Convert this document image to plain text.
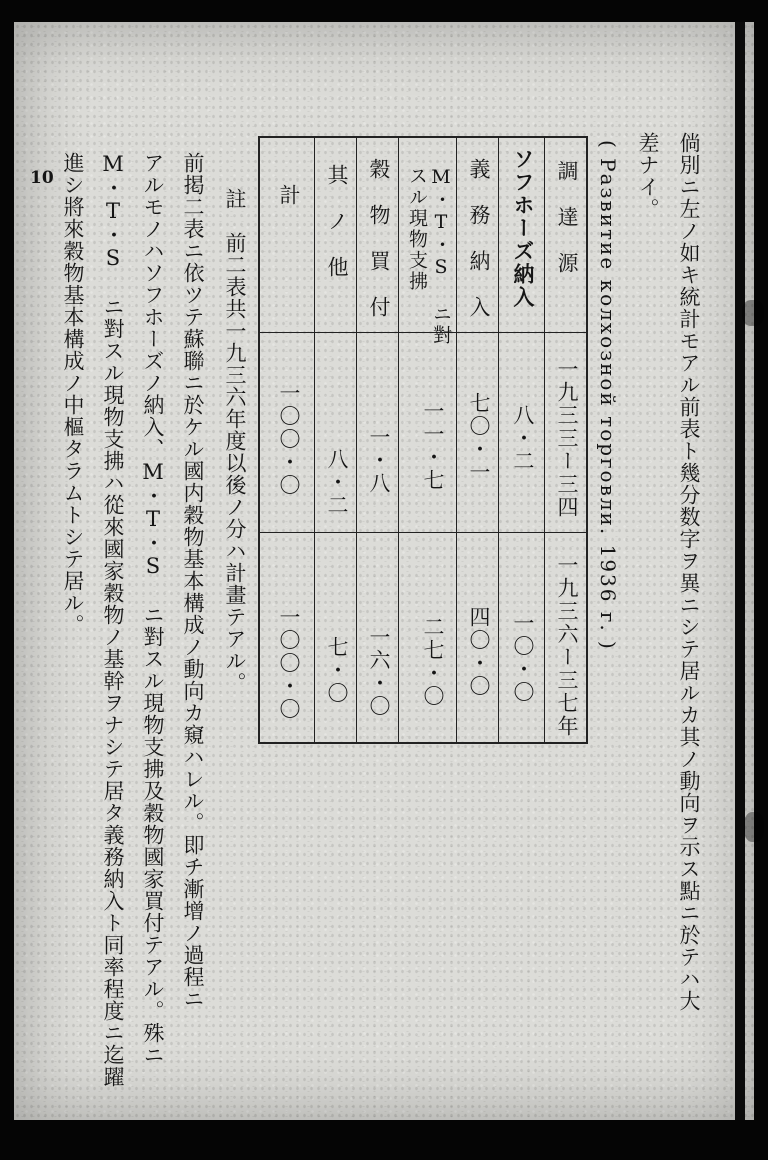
倘別ニ左ノ如キ統計モアル前表ト幾分数字ヲ異ニシテ居ルカ其ノ動向ヲ示ス點ニ於テハ大
差ナイ。
( Развитие колхозной торговли. 1936 г. )
調　達　源
一九三三ー三四
一九三六ー三七年
ソフホーズ納入
八・二
一〇・〇
義　務　納　入
七〇・一
四〇・〇
M・T・S ニ對
スル現物支拂
一一・七
二七・〇
穀　物　買　付
一・八
一六・〇
其　ノ　他
八・二
七・〇
計
一〇〇・〇
一〇〇・〇
註　前二表共一九三六年度以後ノ分ハ計畫テアル。
前掲二表ニ依ツテ蘇聯ニ於ケル國内穀物基本構成ノ動向カ窺ハレル。即チ漸增ノ過程ニ
アルモノハソフホーズノ納入、M・T・S ニ對スル現物支拂及穀物國家買付テアル。殊ニ
M・T・S ニ對スル現物支拂ハ從來國家穀物ノ基幹ヲナシテ居タ義務納入ト同率程度ニ迄躍
進シ將來穀物基本構成ノ中樞タラムトシテ居ル。
10
